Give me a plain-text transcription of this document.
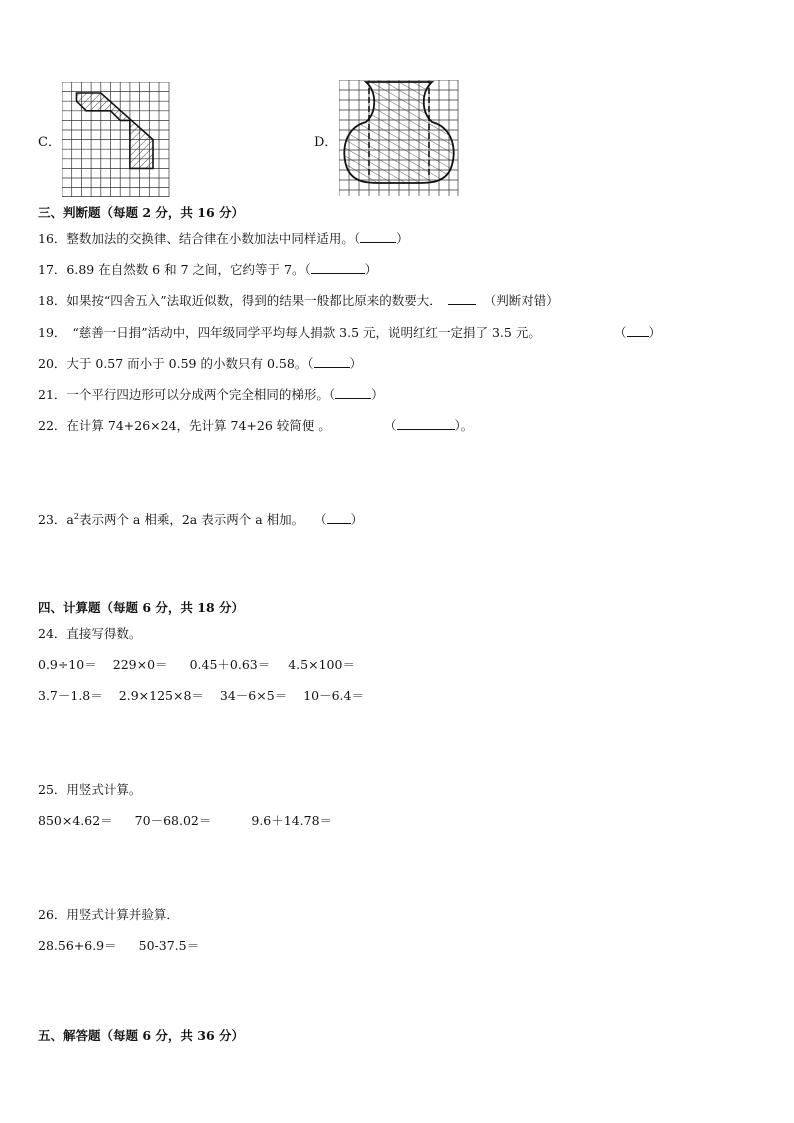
C．	D．
三、判断题（每题 2 分，共 16 分）
16．整数加法的交换律、结合律在小数加法中同样适用。（	）
17．6.89 在自然数 6 和 7 之间，它约等于 7。（	）
18．如果按“四舍五入”法取近似数，得到的结果一般都比原来的数要大．	（判断对错）
19． “慈善一日捐”活动中，四年级同学平均每人捐款 3.5 元，说明红红一定捐了 3.5 元。	（ ）
20．大于 0.57 而小于 0.59 的小数只有 0.58。（	）
21．一个平行四边形可以分成两个完全相同的梯形。（	）
22．在计算 74+26×24，先计算 74+26 较简便 。	（	）。
23．$a^2$表示两个 a 相乘，2a 表示两个 a 相加。 （ ）
四、计算题（每题 6 分，共 18 分）
24．直接写得数。
0.9÷10＝ 229×0＝ 0.45＋0.63＝ 4.5×100＝
3.7－1.8＝ 2.9×125×8＝ 34－6×5＝ 10－6.4＝
25．用竖式计算。
850×4.62＝ 70－68.02＝	9.6＋14.78＝
26．用竖式计算并验算．
28.56+6.9＝ 50-37.5＝
五、解答题（每题 6 分，共 36 分）
